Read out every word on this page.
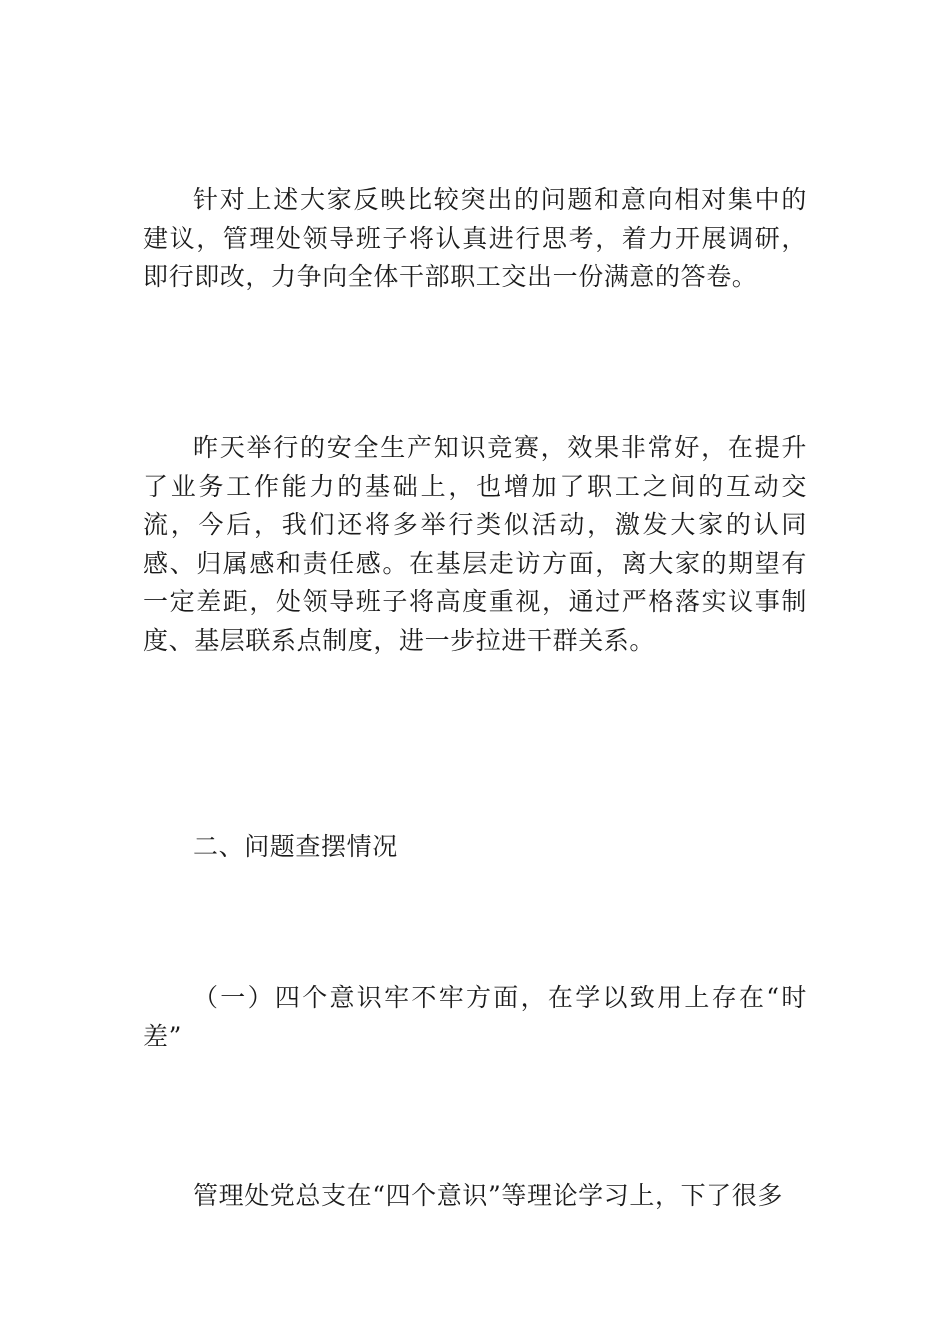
针对上述大家反映比较突出的问题和意向相对集中的建议，管理处领导班子将认真进行思考，着力开展调研，即行即改，力争向全体干部职工交出一份满意的答卷。

昨天举行的安全生产知识竞赛，效果非常好，在提升了业务工作能力的基础上，也增加了职工之间的互动交流，今后，我们还将多举行类似活动，激发大家的认同感、归属感和责任感。在基层走访方面，离大家的期望有一定差距，处领导班子将高度重视，通过严格落实议事制度、基层联系点制度，进一步拉进干群关系。

二、问题查摆情况

（一）四个意识牢不牢方面，在学以致用上存在“时差”

管理处党总支在“四个意识”等理论学习上，下了很多
